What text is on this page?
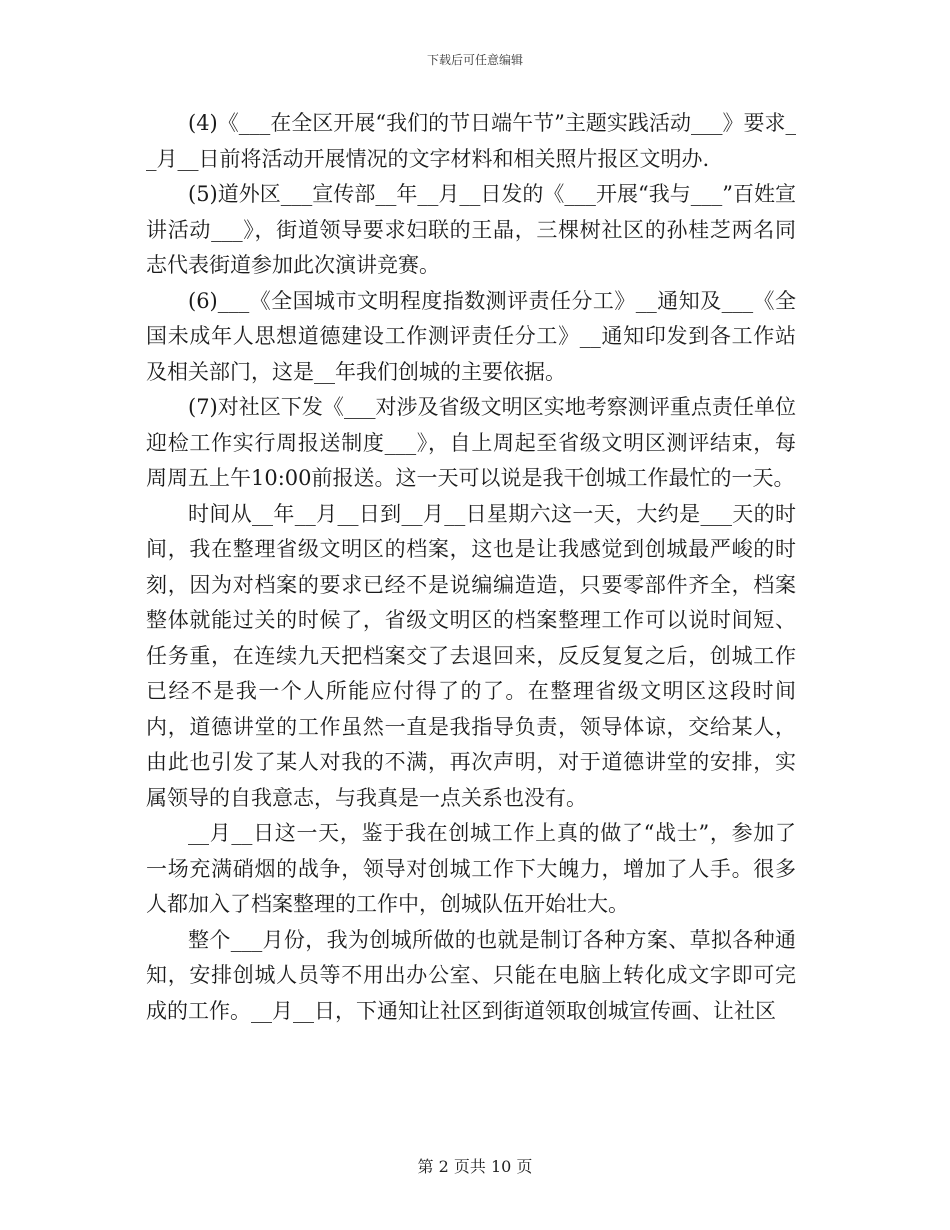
下载后可任意编辑

(4)《___在全区开展“我们的节日端午节”主题实践活动___》要求__月__日前将活动开展情况的文字材料和相关照片报区文明办.

(5)道外区___宣传部__年__月__日发的《___开展“我与___”百姓宣讲活动___》，街道领导要求妇联的王晶，三棵树社区的孙桂芝两名同志代表街道参加此次演讲竞赛。

(6)___《全国城市文明程度指数测评责任分工》__通知及___《全国未成年人思想道德建设工作测评责任分工》__通知印发到各工作站及相关部门，这是__年我们创城的主要依据。

(7)对社区下发《___对涉及省级文明区实地考察测评重点责任单位迎检工作实行周报送制度___》，自上周起至省级文明区测评结束，每周周五上午10:00前报送。这一天可以说是我干创城工作最忙的一天。

时间从__年__月__日到__月__日星期六这一天，大约是___天的时间，我在整理省级文明区的档案，这也是让我感觉到创城最严峻的时刻，因为对档案的要求已经不是说编编造造，只要零部件齐全，档案整体就能过关的时候了，省级文明区的档案整理工作可以说时间短、任务重，在连续九天把档案交了去退回来，反反复复之后，创城工作已经不是我一个人所能应付得了的了。在整理省级文明区这段时间内，道德讲堂的工作虽然一直是我指导负责，领导体谅，交给某人，由此也引发了某人对我的不满，再次声明，对于道德讲堂的安排，实属领导的自我意志，与我真是一点关系也没有。

__月__日这一天，鉴于我在创城工作上真的做了“战士”，参加了一场充满硝烟的战争，领导对创城工作下大魄力，增加了人手。很多人都加入了档案整理的工作中，创城队伍开始壮大。

整个___月份，我为创城所做的也就是制订各种方案、草拟各种通知，安排创城人员等不用出办公室、只能在电脑上转化成文字即可完成的工作。__月__日，下通知让社区到街道领取创城宣传画、让社区

第 2 页共 10 页
